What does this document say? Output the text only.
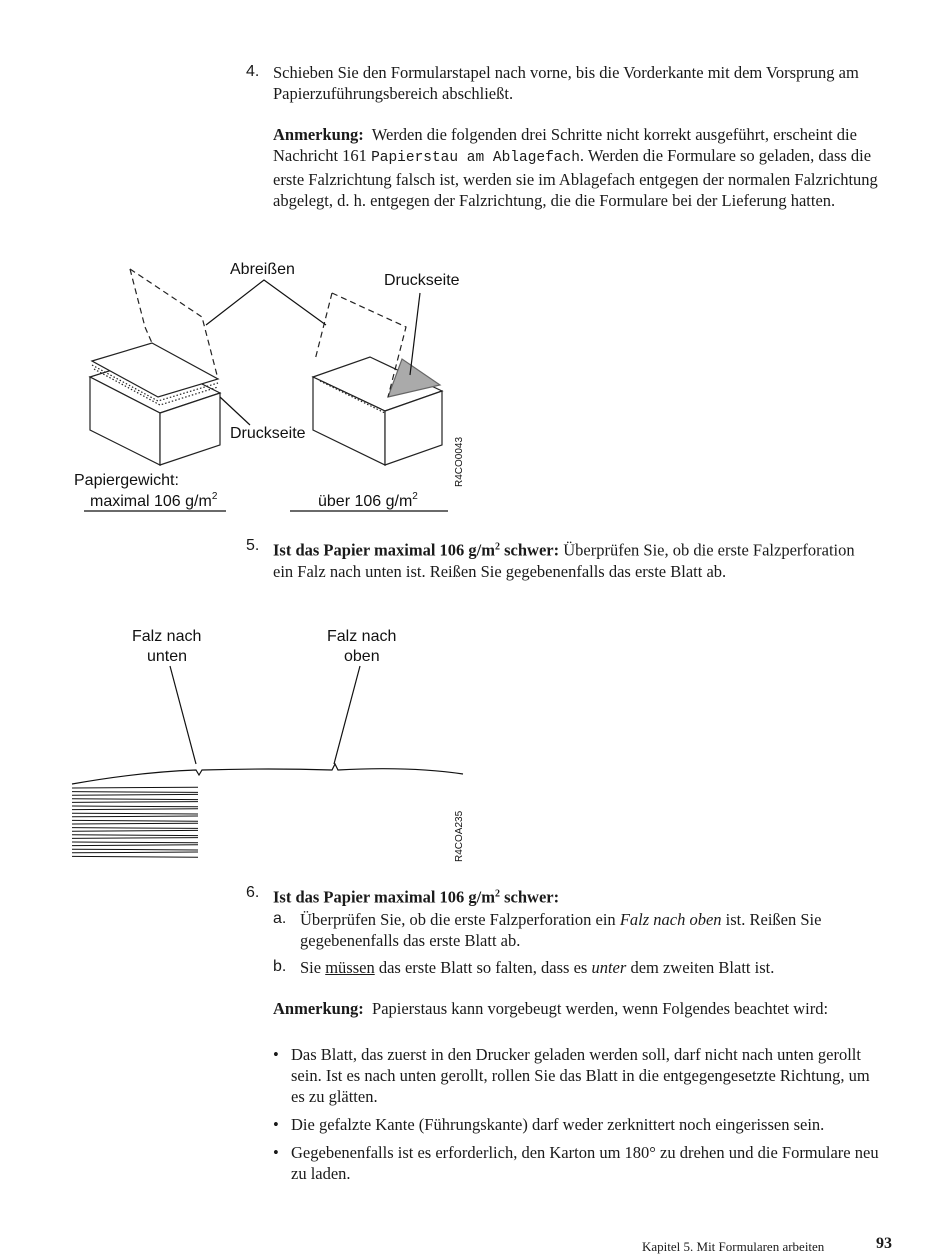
4. Schieben Sie den Formularstapel nach vorne, bis die Vorderkante mit dem Vorsprung am Papierzuführungsbereich abschließt.
Anmerkung: Werden die folgenden drei Schritte nicht korrekt ausgeführt, erscheint die Nachricht 161 Papierstau am Ablagefach. Werden die Formulare so geladen, dass die erste Falzrichtung falsch ist, werden sie im Ablagefach entgegen der normalen Falzrichtung abgelegt, d. h. entgegen der Falzrichtung, die die Formulare bei der Lieferung hatten.
Abreißen
Druckseite
Druckseite
Papiergewicht:
maximal 106 $g/m^2$	über 106 $g/m^2$
R4CO0043
5. Ist das Papier maximal 106 $g/m^2$ schwer: Überprüfen Sie, ob die erste Falzperforation ein Falz nach unten ist. Reißen Sie gegebenenfalls das erste Blatt ab.
Falz nach
unten
Falz nach
oben
R4COA235
6. Ist das Papier maximal 106 $g/m^2$ schwer:
a. Überprüfen Sie, ob die erste Falzperforation ein Falz nach oben ist. Reißen Sie gegebenenfalls das erste Blatt ab.
b. Sie müssen das erste Blatt so falten, dass es unter dem zweiten Blatt ist.
Anmerkung: Papierstaus kann vorgebeugt werden, wenn Folgendes beachtet wird:
• Das Blatt, das zuerst in den Drucker geladen werden soll, darf nicht nach unten gerollt sein. Ist es nach unten gerollt, rollen Sie das Blatt in die entgegengesetzte Richtung, um es zu glätten.
• Die gefalzte Kante (Führungskante) darf weder zerknittert noch eingerissen sein.
• Gegebenenfalls ist es erforderlich, den Karton um 180° zu drehen und die Formulare neu zu laden.
Kapitel 5. Mit Formularen arbeiten	93
